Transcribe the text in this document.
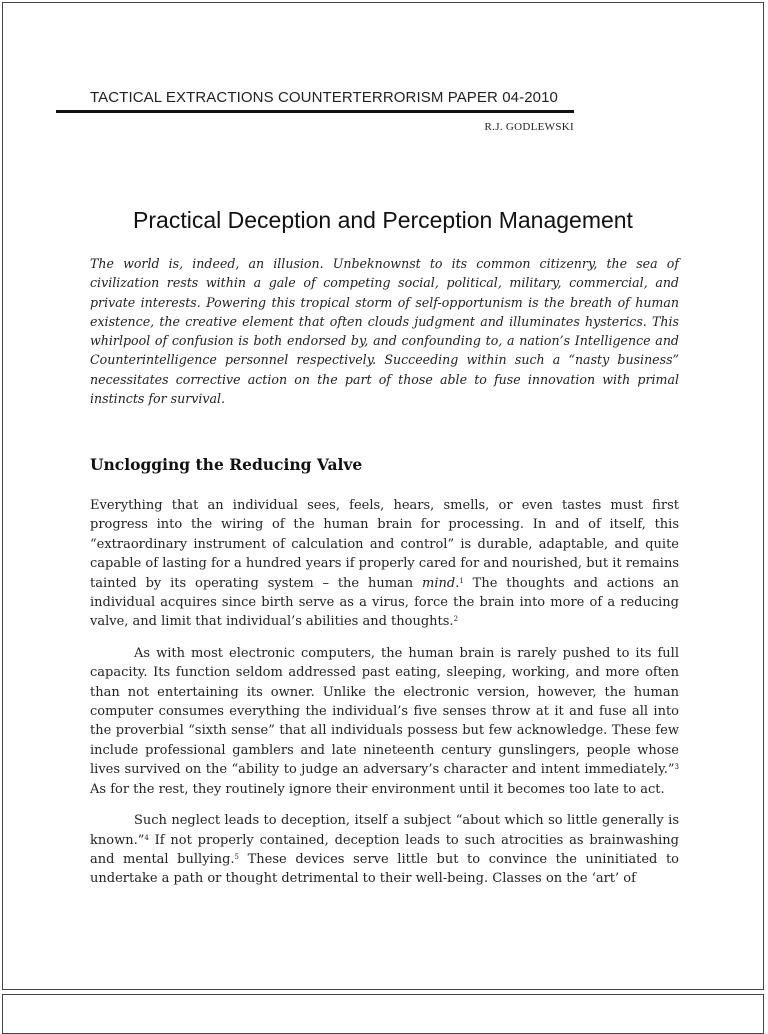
TACTICAL EXTRACTIONS COUNTERTERRORISM PAPER 04-2010
R.J. GODLEWSKI
Practical Deception and Perception Management
The world is, indeed, an illusion. Unbeknownst to its common citizenry, the sea of civilization rests within a gale of competing social, political, military, commercial, and private interests. Powering this tropical storm of self-opportunism is the breath of human existence, the creative element that often clouds judgment and illuminates hysterics. This whirlpool of confusion is both endorsed by, and confounding to, a nation’s Intelligence and Counterintelligence personnel respectively. Succeeding within such a “nasty business” necessitates corrective action on the part of those able to fuse innovation with primal instincts for survival.
Unclogging the Reducing Valve

Everything that an individual sees, feels, hears, smells, or even tastes must first progress into the wiring of the human brain for processing. In and of itself, this “extraordinary instrument of calculation and control” is durable, adaptable, and quite capable of lasting for a hundred years if properly cared for and nourished, but it remains tainted by its operating system – the human mind.$^1$ The thoughts and actions an individual acquires since birth serve as a virus, force the brain into more of a reducing valve, and limit that individual’s abilities and thoughts.$^2$

As with most electronic computers, the human brain is rarely pushed to its full capacity. Its function seldom addressed past eating, sleeping, working, and more often than not entertaining its owner. Unlike the electronic version, however, the human computer consumes everything the individual’s five senses throw at it and fuse all into the proverbial “sixth sense” that all individuals possess but few acknowledge. These few include professional gamblers and late nineteenth century gunslingers, people whose lives survived on the “ability to judge an adversary’s character and intent immediately.”$^3$ As for the rest, they routinely ignore their environment until it becomes too late to act.

Such neglect leads to deception, itself a subject “about which so little generally is known.”$^4$ If not properly contained, deception leads to such atrocities as brainwashing and mental bullying.$^5$ These devices serve little but to convince the uninitiated to undertake a path or thought detrimental to their well-being. Classes on the ‘art’ of
